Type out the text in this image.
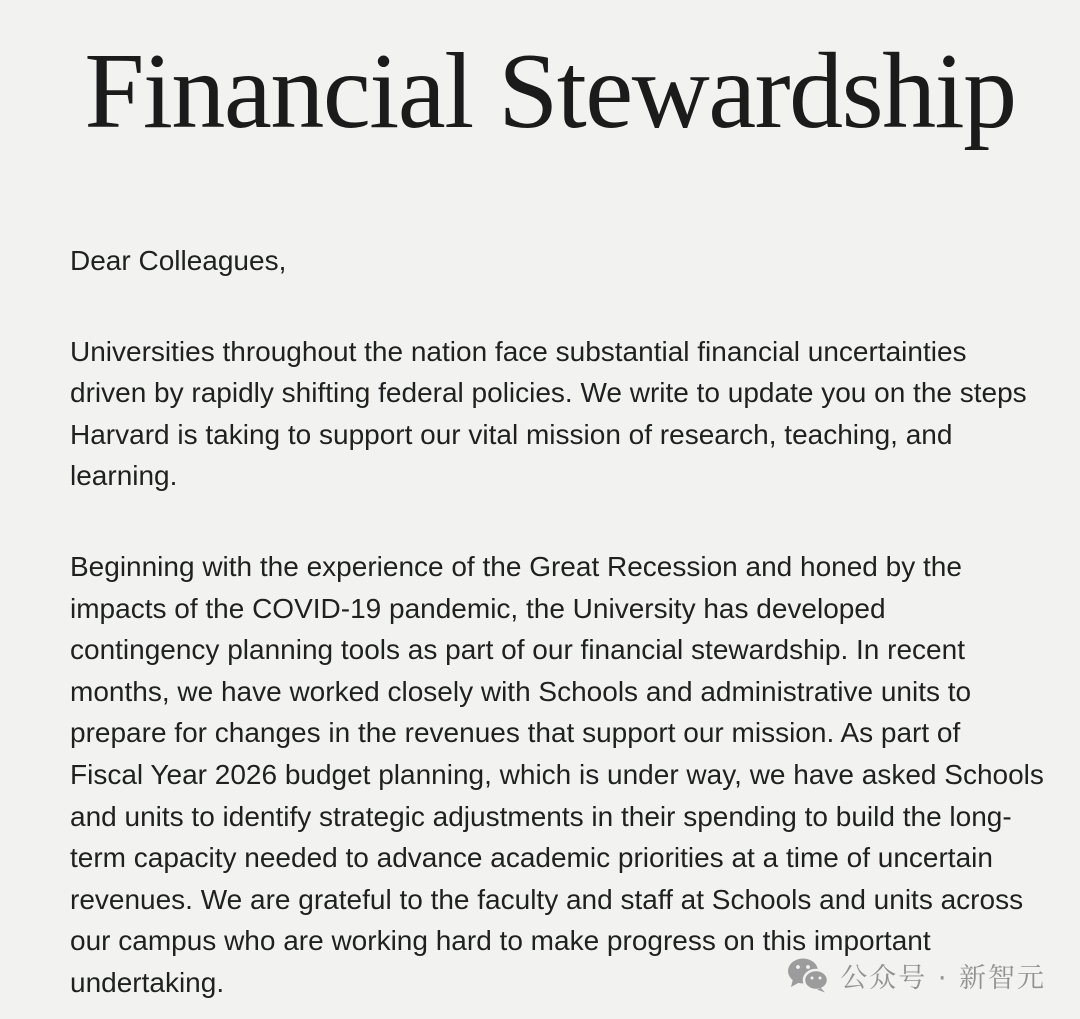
Financial Stewardship

Dear Colleagues,

Universities throughout the nation face substantial financial uncertainties
driven by rapidly shifting federal policies. We write to update you on the steps
Harvard is taking to support our vital mission of research, teaching, and
learning.

Beginning with the experience of the Great Recession and honed by the
impacts of the COVID-19 pandemic, the University has developed
contingency planning tools as part of our financial stewardship. In recent
months, we have worked closely with Schools and administrative units to
prepare for changes in the revenues that support our mission. As part of
Fiscal Year 2026 budget planning, which is under way, we have asked Schools
and units to identify strategic adjustments in their spending to build the long-
term capacity needed to advance academic priorities at a time of uncertain
revenues. We are grateful to the faculty and staff at Schools and units across
our campus who are working hard to make progress on this important
undertaking.	公众号 · 新智元
